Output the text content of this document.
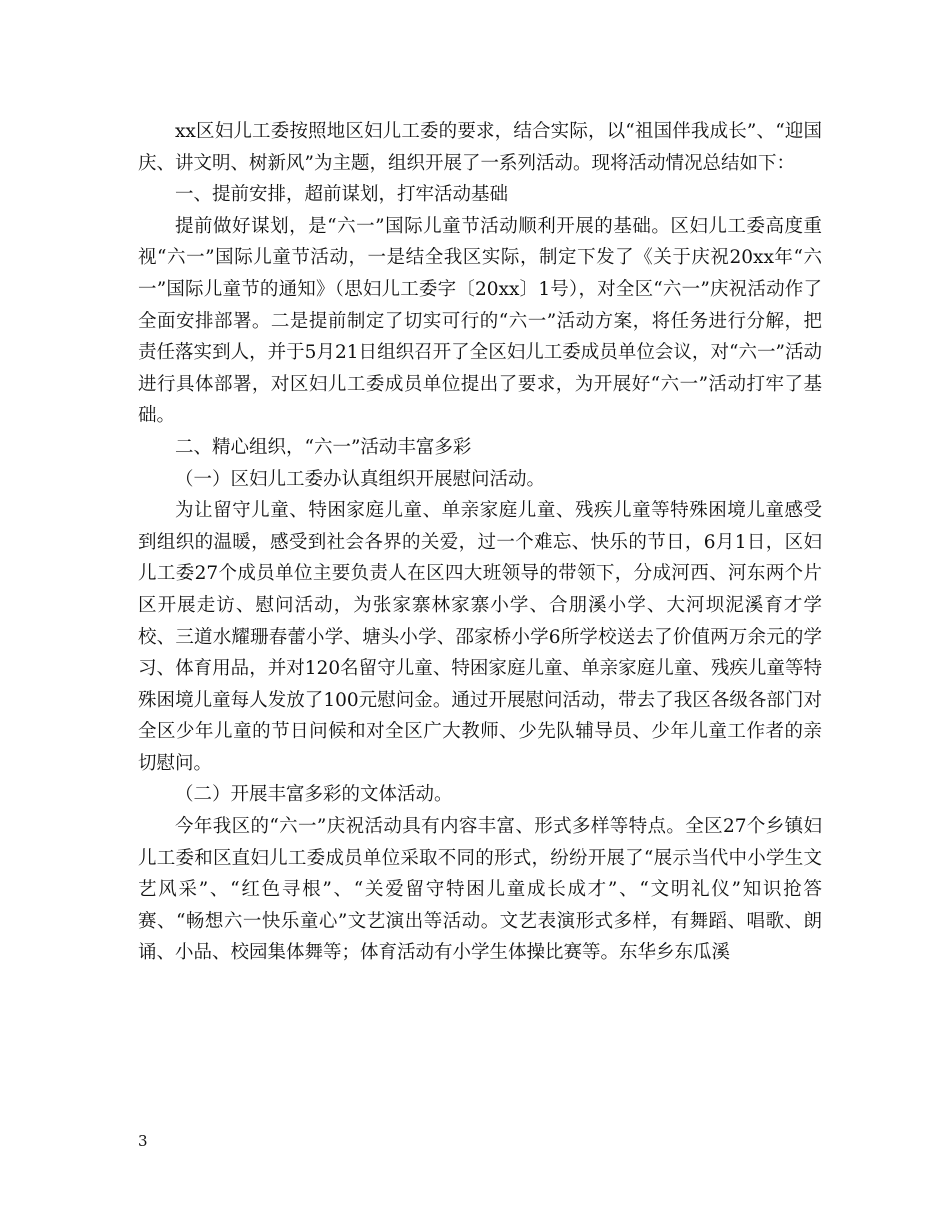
xx区妇儿工委按照地区妇儿工委的要求，结合实际，以“祖国伴我成长”、“迎国庆、讲文明、树新风”为主题，组织开展了一系列活动。现将活动情况总结如下：

一、提前安排，超前谋划，打牢活动基础

提前做好谋划，是“六一”国际儿童节活动顺利开展的基础。区妇儿工委高度重视“六一”国际儿童节活动，一是结全我区实际，制定下发了《关于庆祝20xx年“六一”国际儿童节的通知》（思妇儿工委字〔20xx〕1号），对全区“六一”庆祝活动作了全面安排部署。二是提前制定了切实可行的“六一”活动方案，将任务进行分解，把责任落实到人，并于5月21日组织召开了全区妇儿工委成员单位会议，对“六一”活动进行具体部署，对区妇儿工委成员单位提出了要求，为开展好“六一”活动打牢了基础。

二、精心组织，“六一”活动丰富多彩

（一）区妇儿工委办认真组织开展慰问活动。

为让留守儿童、特困家庭儿童、单亲家庭儿童、残疾儿童等特殊困境儿童感受到组织的温暖，感受到社会各界的关爱，过一个难忘、快乐的节日，6月1日，区妇儿工委27个成员单位主要负责人在区四大班领导的带领下，分成河西、河东两个片区开展走访、慰问活动，为张家寨林家寨小学、合朋溪小学、大河坝泥溪育才学校、三道水耀珊春蕾小学、塘头小学、邵家桥小学6所学校送去了价值两万余元的学习、体育用品，并对120名留守儿童、特困家庭儿童、单亲家庭儿童、残疾儿童等特殊困境儿童每人发放了100元慰问金。通过开展慰问活动，带去了我区各级各部门对全区少年儿童的节日问候和对全区广大教师、少先队辅导员、少年儿童工作者的亲切慰问。

（二）开展丰富多彩的文体活动。

今年我区的“六一”庆祝活动具有内容丰富、形式多样等特点。全区27个乡镇妇儿工委和区直妇儿工委成员单位采取不同的形式，纷纷开展了“展示当代中小学生文艺风采”、“红色寻根”、“关爱留守特困儿童成长成才”、“文明礼仪”知识抢答赛、“畅想六一快乐童心”文艺演出等活动。文艺表演形式多样，有舞蹈、唱歌、朗诵、小品、校园集体舞等；体育活动有小学生体操比赛等。东华乡东瓜溪

3
